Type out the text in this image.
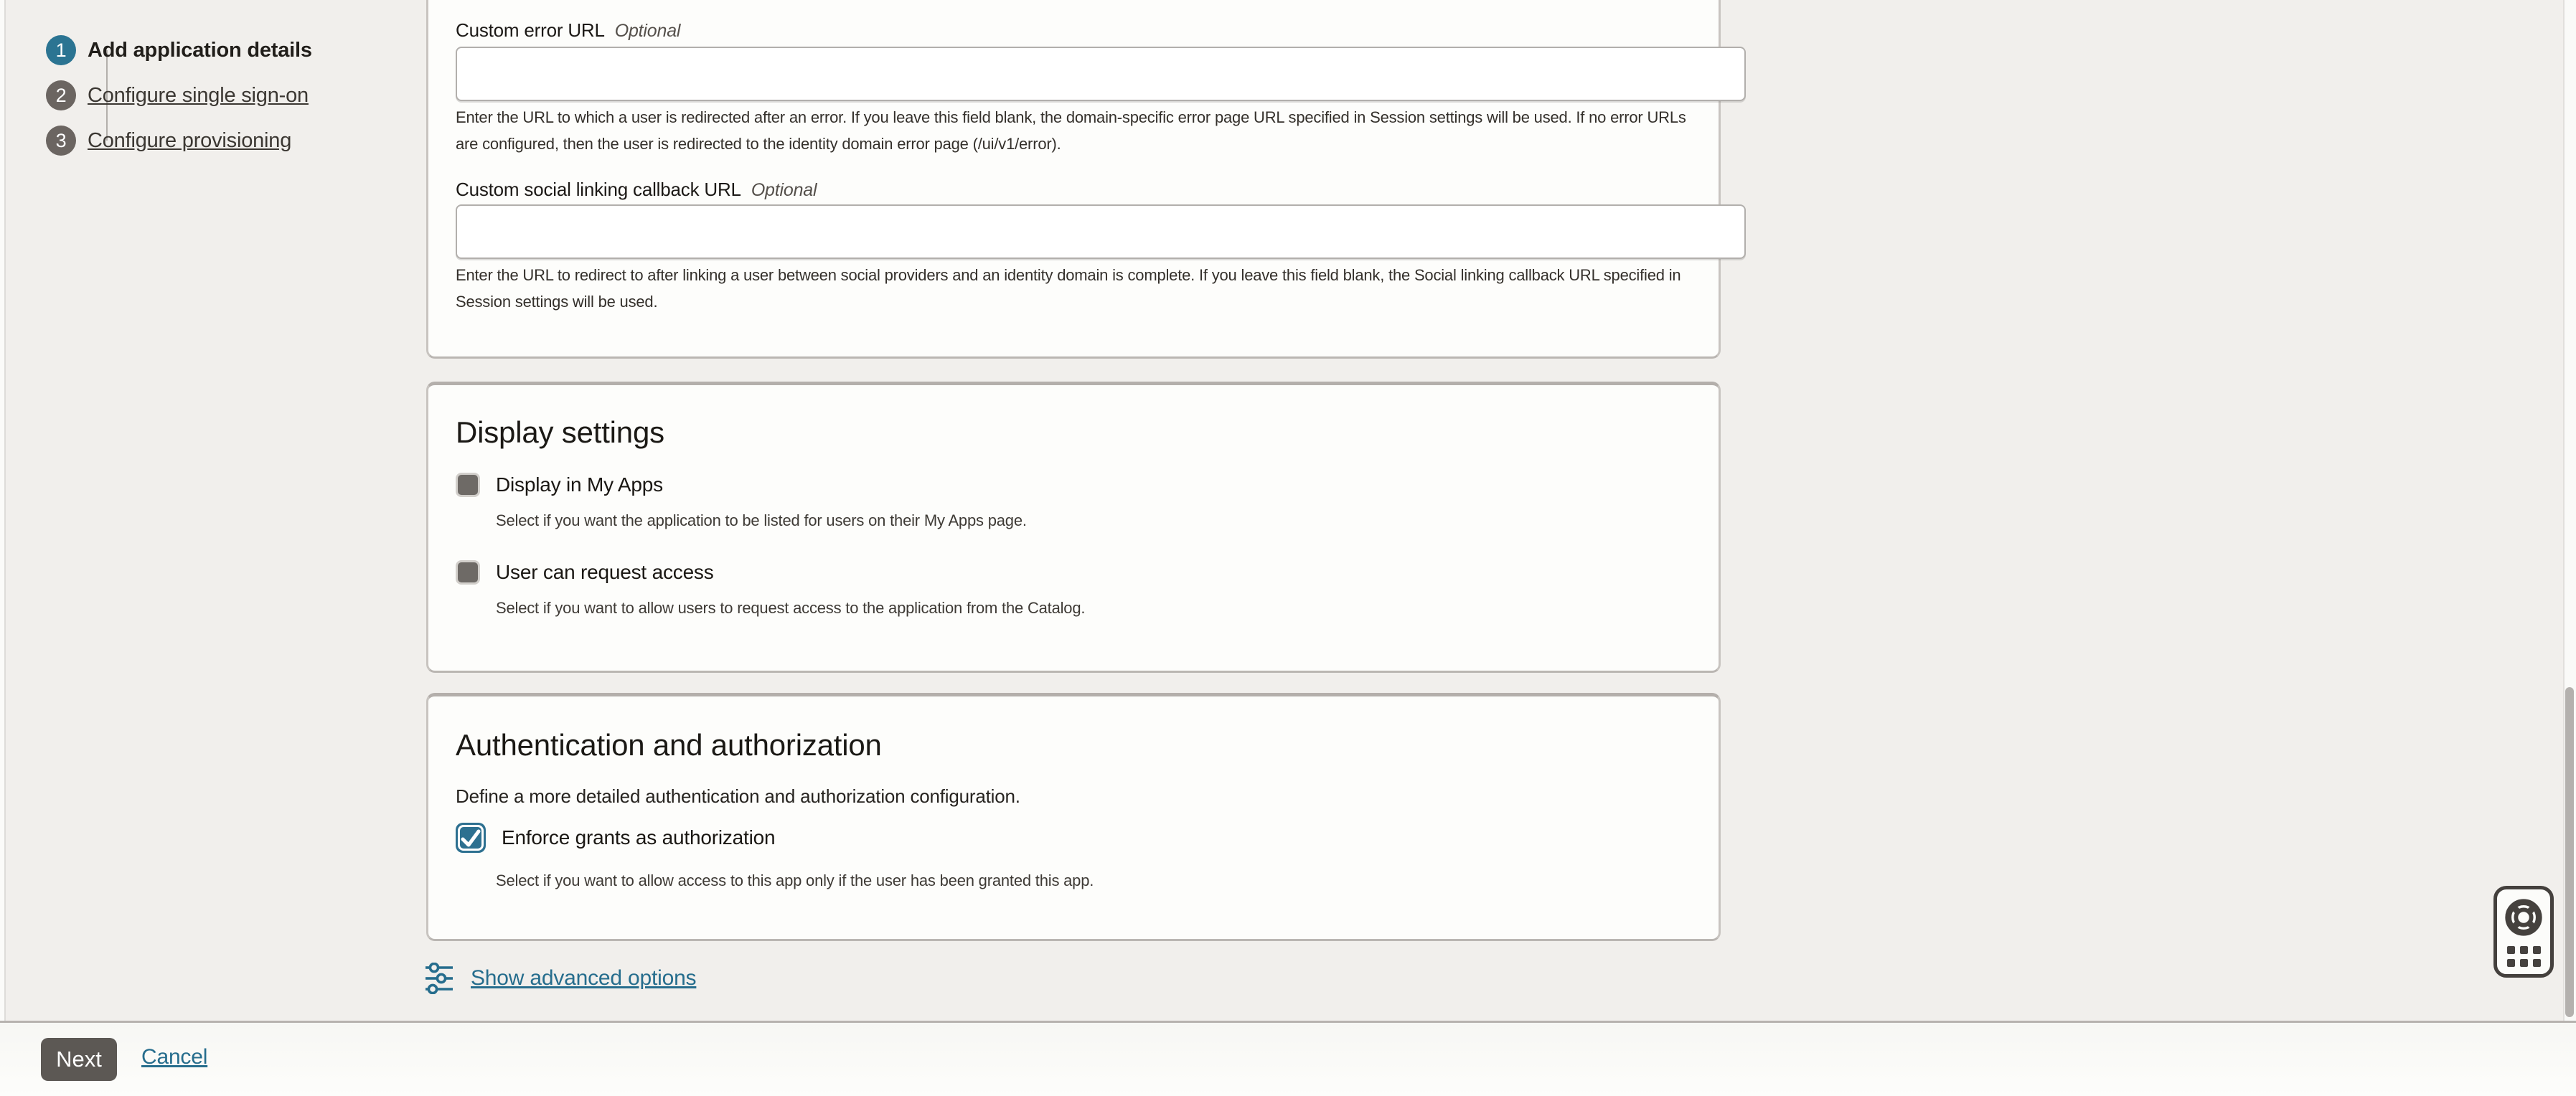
1	Add application details
2	Configure single sign-on
3	Configure provisioning
Custom error URL Optional
Enter the URL to which a user is redirected after an error. If you leave this field blank, the domain-specific error page URL specified in Session settings will be used. If no error URLs are configured, then the user is redirected to the identity domain error page (/ui/v1/error).
Custom social linking callback URL Optional
Enter the URL to redirect to after linking a user between social providers and an identity domain is complete. If you leave this field blank, the Social linking callback URL specified in Session settings will be used.
Display settings
Display in My Apps
Select if you want the application to be listed for users on their My Apps page.
User can request access
Select if you want to allow users to request access to the application from the Catalog.
Authentication and authorization
Define a more detailed authentication and authorization configuration.
Enforce grants as authorization
Select if you want to allow access to this app only if the user has been granted this app.
Show advanced options
Next	Cancel
